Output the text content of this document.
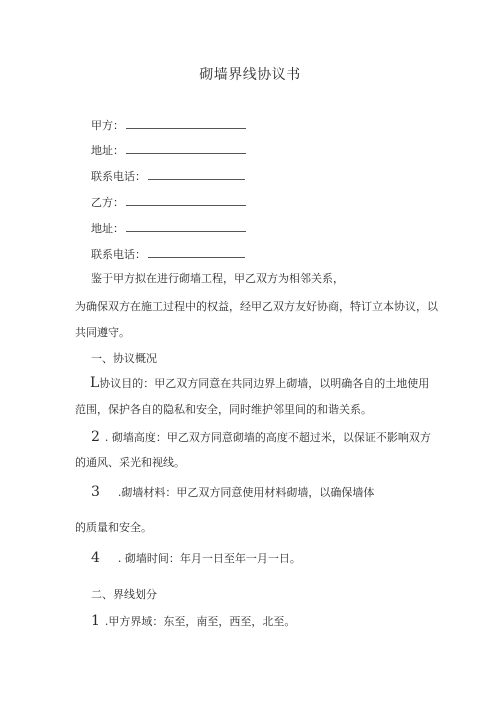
砌墙界线协议书
甲方：
地址：
联系电话：
乙方：
地址：
联系电话：
鉴于甲方拟在进行砌墙工程，甲乙双方为相邻关系，
为确保双方在施工过程中的权益，经甲乙双方友好协商，特订立本协议，以
共同遵守。
一、协议概况
L协议目的：甲乙双方同意在共同边界上砌墙，以明确各自的土地使用
范围，保护各自的隐私和安全，同时维护邻里间的和谐关系。
2 . 砌墙高度：甲乙双方同意砌墙的高度不超过米，以保证不影响双方
的通风、采光和视线。
3 .砌墙材料：甲乙双方同意使用材料砌墙，以确保墙体
的质量和安全。
4 . 砌墙时间：年月一日至年一月一日。
二、界线划分
1 .甲方界域：东至，南至，西至，北至。
